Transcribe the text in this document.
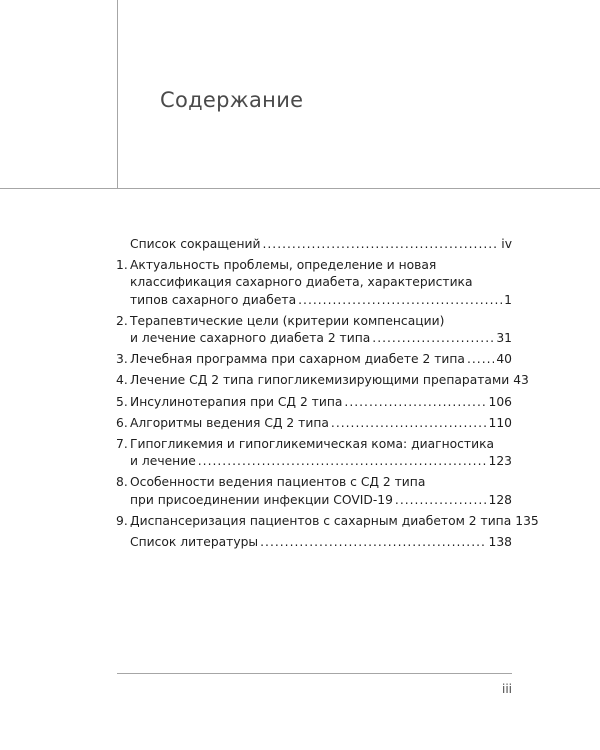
Содержание
Список сокращений .....	iv
1. Актуальность проблемы, определение и новая
классификация сахарного диабета, характеристика
типов сахарного диабета .....	1
2. Терапевтические цели (критерии компенсации)
и лечение сахарного диабета 2 типа .....	31
3. Лечебная программа при сахарном диабете 2 типа .....	40
4. Лечение СД 2 типа гипогликемизирующими препаратами 43
5. Инсулинотерапия при СД 2 типа .....	106
6. Алгоритмы ведения СД 2 типа .....	110
7. Гипогликемия и гипогликемическая кома: диагностика
и лечение .....	123
8. Особенности ведения пациентов с СД 2 типа
при присоединении инфекции COVID-19 .....	128
9. Диспансеризация пациентов с сахарным диабетом 2 типа 135
Список литературы .....	138
iii
